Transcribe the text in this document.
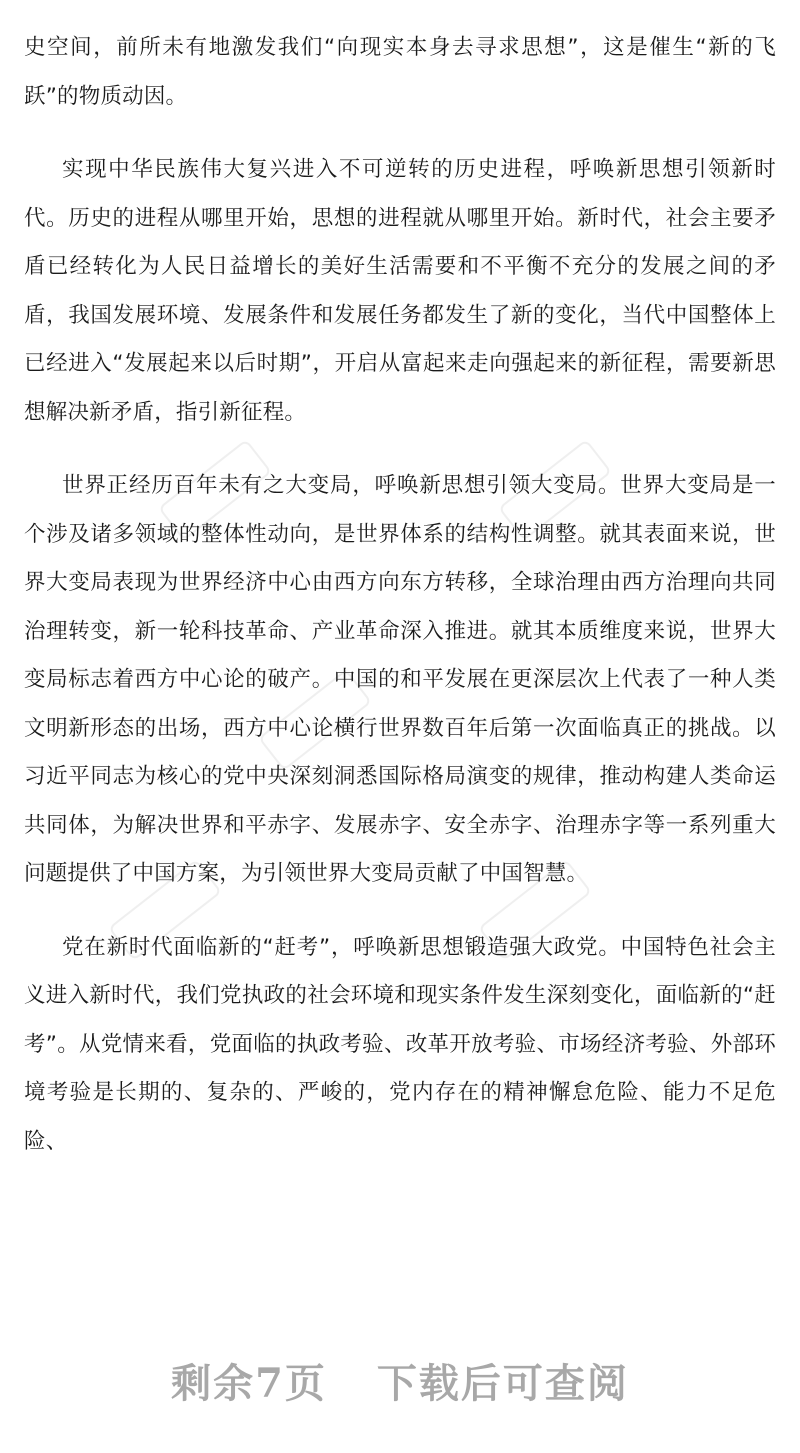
史空间，前所未有地激发我们“向现实本身去寻求思想”，这是催生“新的飞跃”的物质动因。

实现中华民族伟大复兴进入不可逆转的历史进程，呼唤新思想引领新时代。历史的进程从哪里开始，思想的进程就从哪里开始。新时代，社会主要矛盾已经转化为人民日益增长的美好生活需要和不平衡不充分的发展之间的矛盾，我国发展环境、发展条件和发展任务都发生了新的变化，当代中国整体上已经进入“发展起来以后时期”，开启从富起来走向强起来的新征程，需要新思想解决新矛盾，指引新征程。

世界正经历百年未有之大变局，呼唤新思想引领大变局。世界大变局是一个涉及诸多领域的整体性动向，是世界体系的结构性调整。就其表面来说，世界大变局表现为世界经济中心由西方向东方转移，全球治理由西方治理向共同治理转变，新一轮科技革命、产业革命深入推进。就其本质维度来说，世界大变局标志着西方中心论的破产。中国的和平发展在更深层次上代表了一种人类文明新形态的出场，西方中心论横行世界数百年后第一次面临真正的挑战。以习近平同志为核心的党中央深刻洞悉国际格局演变的规律，推动构建人类命运共同体，为解决世界和平赤字、发展赤字、安全赤字、治理赤字等一系列重大问题提供了中国方案，为引领世界大变局贡献了中国智慧。

党在新时代面临新的“赶考”，呼唤新思想锻造强大政党。中国特色社会主义进入新时代，我们党执政的社会环境和现实条件发生深刻变化，面临新的“赶考”。从党情来看，党面临的执政考验、改革开放考验、市场经济考验、外部环境考验是长期的、复杂的、严峻的，党内存在的精神懈怠危险、能力不足危险、

剩余7页 下载后可查阅
